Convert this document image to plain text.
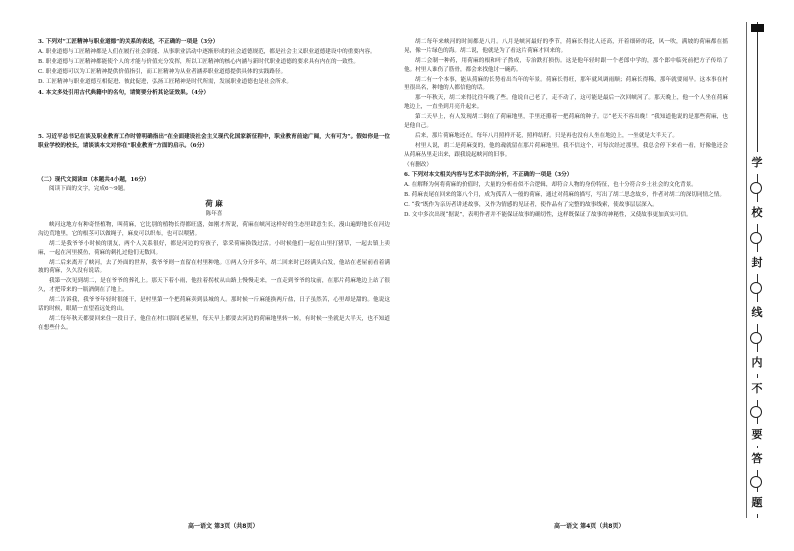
3. 下列对“工匠精神与职业道德”的关系的表述，不正确的一项是（3分）

A. 职业道德与工匠精神都是人们在履行社会职能、从事职业活动中逐渐形成的社会道德规范，都是社会主义职业道德建设中的重要内容。

B. 职业道德与工匠精神都能使个人的才能与价值充分发挥，所以工匠精神的核心内涵与新时代职业道德的要求具有内在的一致性。

C. 职业道德可以为工匠精神提供价值指引，而工匠精神为从业者涵养职业道德提供具体的实践路径。

D. 工匠精神与职业道德互相促进、彼此促进，弘扬工匠精神是时代所需，发展职业道德也是社会所求。

4. 本文多处引用古代典籍中的名句，请简要分析其论证效果。（4分）

5. 习近平总书记在谈及职业教育工作时曾明确指出“在全面建设社会主义现代化国家新征程中，职业教育前途广阔，大有可为”。假如你是一位职业学校的校长，请谈谈本文对你在“职业教育”方面的启示。（6分）

（二）现代文阅读Ⅱ（本题共4小题，16分）

阅读下面的文字，完成6～9题。

荷 麻
陈年喜

峡河这地方有种奇怪植物，叫荷麻，它比别的植物长得都旺盛，如刚才所说，荷麻在峡河这样好的生态里肆意生长，漫山遍野地长在河边沟边荒地里，它的根茎可以做绳子，麻皮可以织布，也可以喂猪。

胡二是我爷爷小时候的朋友，两个人关系很好，都是河边的穷孩子，靠采荷麻换钱过活。小时候他们一起在山里打猪草，一起去镇上卖麻，一起在河里摸鱼，荷麻的刺扎过他们无数回。

胡二后来离开了峡河，去了外面的世界，我爷爷则一直留在村里种地。①两人分开多年，胡二回来时已经满头白发，他站在老屋前看着满坡的荷麻，久久没有说话。

我第一次见到胡二，是在爷爷的葬礼上。那天下着小雨，他拄着拐杖从山路上慢慢走来，一直走到爷爷的坟前，在那片荷麻地边上站了很久，才把带来的一瓶酒倒在了地上。

胡二告诉我，我爷爷年轻时很能干，是村里第一个把荷麻卖到县城的人。那时候一斤麻能换两斤盐，日子虽然苦，心里却是甜的。他说这话的时候，眼睛一直望着远处的山。

胡二每年秋天都要回来住一段日子，他住在村口那间老屋里，每天早上都要去河边的荷麻地里转一转，有时候一坐就是大半天，也不知道在想些什么。

胡二每年来峡河的时间都是八月。八月是峡河最好的季节，荷麻长得比人还高，开着细碎的花，风一吹，满坡的荷麻都在摇晃，像一片绿色的海。胡二说，他就是为了看这片荷麻才回来的。

胡二会制一种药，用荷麻的根和叶子熬成，专治跌打损伤。这是他年轻时跟一个老郎中学的，那个郎中临死前把方子传给了他。村里人谁伤了筋骨，都会来找他讨一碗药。

胡二有一个本事，能从荷麻的长势看出当年的年景。荷麻长得旺，那年就风调雨顺；荷麻长得稀，那年就要闹旱。这本事在村里很出名，种地的人都信他的话。

那一年秋天，胡二来得比往年晚了些。他说自己老了，走不动了，这可能是最后一次回峡河了。那天晚上，他一个人坐在荷麻地边上，一直坐到月亮升起来。

第二天早上，有人发现胡二倒在了荷麻地里，手里还攥着一把荷麻的种子。②“老天不容出晚！”我知道他说的是那些荷麻，也是他自己。

后来，那片荷麻地还在，每年八月照样开花，照样结籽。只是再也没有人坐在地边上，一坐就是大半天了。

村里人说，胡二是荷麻变的，他的魂就留在那片荷麻地里。我不信这个，可每次经过那里，我总会停下来看一看，好像他还会从荷麻丛里走出来，跟我说起峡河的旧事。

（有删改）

6. 下列对本文相关内容与艺术手法的分析，不正确的一项是（3分）

A. 在解释为何将荷麻的价值时，大量的分析看似不合逻辑，却符合人物的身份特征，也十分符合乡土社会的文化背景。

B. 荷麻丧尾在回来的第八个月，成为孤苦人一般的荷麻，通过对荷麻的描写，写出了胡二思念故乡，作者对胡二的深切同情之情。

C. “我”既作为亲历者讲述故事，又作为情感的见证者，使作品有了完整的故事线索，使故事层层深入。

D. 文中多次出现“据说”，表明作者并不能保证故事的确切性，这样既保证了故事的神秘性，又使故事更加真实可信。

高一语文 第3页（共8页）	高一语文 第4页（共8页）
学
校
封
线
内
不
要
答
题
